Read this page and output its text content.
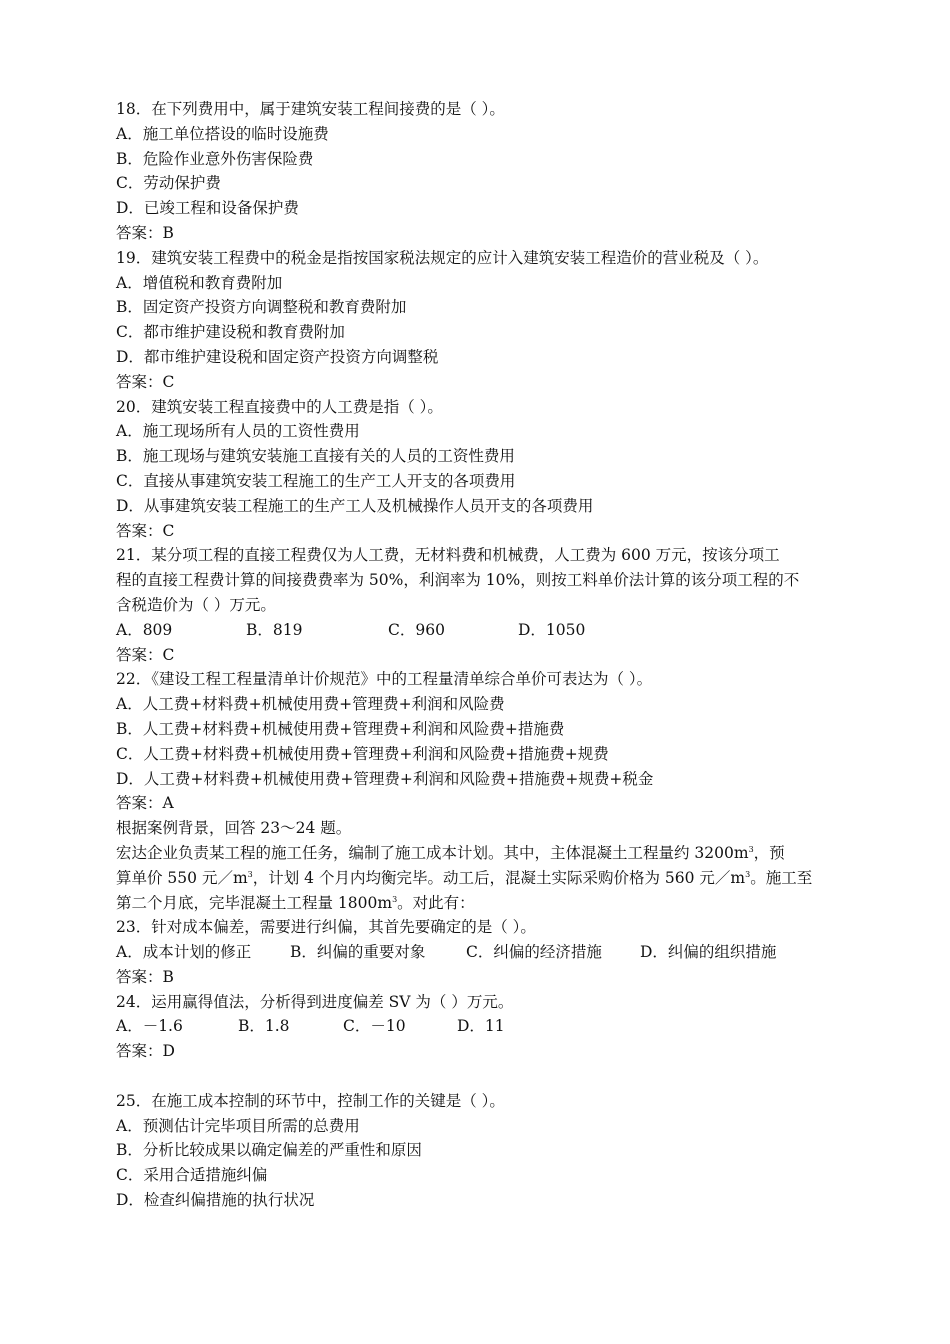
18．在下列费用中，属于建筑安装工程间接费的是（ ）。
A．施工单位搭设的临时设施费
B．危险作业意外伤害保险费
C．劳动保护费
D．已竣工程和设备保护费
答案：B
19．建筑安装工程费中的税金是指按国家税法规定的应计入建筑安装工程造价的营业税及（ ）。
A．增值税和教育费附加
B．固定资产投资方向调整税和教育费附加
C．都市维护建设税和教育费附加
D．都市维护建设税和固定资产投资方向调整税
答案：C
20．建筑安装工程直接费中的人工费是指（ ）。
A．施工现场所有人员的工资性费用
B．施工现场与建筑安装施工直接有关的人员的工资性费用
C．直接从事建筑安装工程施工的生产工人开支的各项费用
D．从事建筑安装工程施工的生产工人及机械操作人员开支的各项费用
答案：C
21．某分项工程的直接工程费仅为人工费，无材料费和机械费，人工费为 600 万元，按该分项工
程的直接工程费计算的间接费费率为 50%，利润率为 10%，则按工料单价法计算的该分项工程的不
含税造价为（ ）万元。
A．809	B．819	C．960	D．1050
答案：C
22．《建设工程工程量清单计价规范》中的工程量清单综合单价可表达为（ ）。
A．人工费+材料费+机械使用费+管理费+利润和风险费
B．人工费+材料费+机械使用费+管理费+利润和风险费+措施费
C．人工费+材料费+机械使用费+管理费+利润和风险费+措施费+规费
D．人工费+材料费+机械使用费+管理费+利润和风险费+措施费+规费+税金
答案：A
根据案例背景，回答 23～24 题。
宏达企业负责某工程的施工任务，编制了施工成本计划。其中，主体混凝土工程量约 $3200m^3$，预
算单价 550 元$/m^3$，计划 4 个月内均衡完毕。动工后，混凝土实际采购价格为 560 元$/m^3$。施工至
第二个月底，完毕混凝土工程量 $1800m^3$。对此有：
23．针对成本偏差，需要进行纠偏，其首先要确定的是（ ）。
A．成本计划的修正	B．纠偏的重要对象	C．纠偏的经济措施 D．纠偏的组织措施
答案：B
24．运用赢得值法，分析得到进度偏差 SV 为（ ）万元。
A．－1.6	B．1.8	C．－10	D．11
答案：D
25．在施工成本控制的环节中，控制工作的关键是（ ）。
A．预测估计完毕项目所需的总费用
B．分析比较成果以确定偏差的严重性和原因
C．采用合适措施纠偏
D．检查纠偏措施的执行状况
